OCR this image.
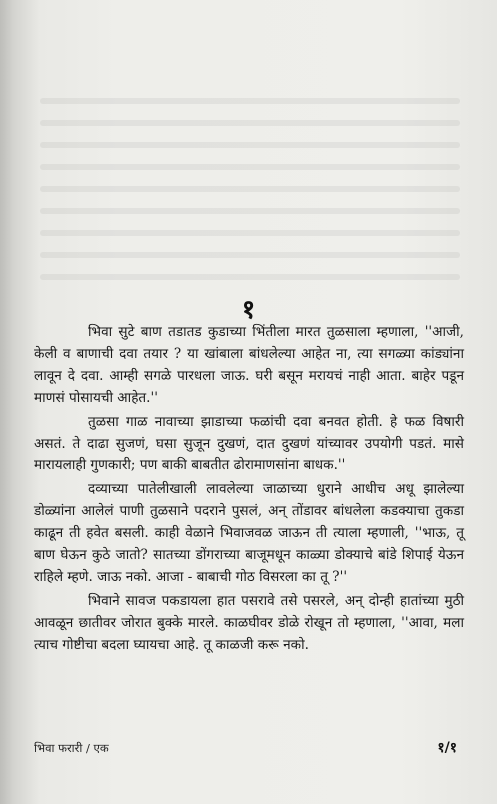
१

भिवा सुटे बाण तडातड कुडाच्या भिंतीला मारत तुळसाला म्हणाला, ''आजी, केली व बाणाची दवा तयार ? या खांबाला बांधलेल्या आहेत ना, त्या सगळ्या कांड्यांना लावून दे दवा. आम्ही सगळे पारधला जाऊ. घरी बसून मरायचं नाही आता. बाहेर पडून माणसं पोसायची आहेत.''

तुळसा गाळ नावाच्या झाडाच्या फळांची दवा बनवत होती. हे फळ विषारी असतं. ते दाढा सुजणं, घसा सुजून दुखणं, दात दुखणं यांच्यावर उपयोगी पडतं. मासे मारायलाही गुणकारी; पण बाकी बाबतीत ढोरामाणसांना बाधक.''

दव्याच्या पातेलीखाली लावलेल्या जाळाच्या धुराने आधीच अधू झालेल्या डोळ्यांना आलेलं पाणी तुळसाने पदराने पुसलं, अन् तोंडावर बांधलेला कडक्याचा तुकडा काढून ती हवेत बसली. काही वेळाने भिवाजवळ जाऊन ती त्याला म्हणाली, ''भाऊ, तू बाण घेऊन कुठे जातो? सातच्या डोंगराच्या बाजूमधून काळ्या डोक्याचे बांडे शिपाई येऊन राहिले म्हणे. जाऊ नको. आजा - बाबाची गोठ विसरला का तू ?''

भिवाने सावज पकडायला हात पसरावे तसे पसरले, अन् दोन्ही हातांच्या मुठी आवळून छातीवर जोरात बुक्के मारले. काळघीवर डोळे रोखून तो म्हणाला, ''आवा, मला त्याच गोष्टीचा बदला घ्यायचा आहे. तू काळजी करू नको.

भिवा फरारी / एक	१/१
